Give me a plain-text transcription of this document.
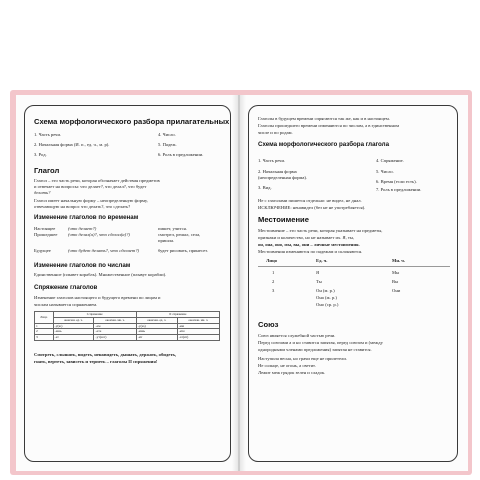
Схема морфологического разбора прилагательных
1. Часть речи.
2. Начальная форма (И. п., ед. ч., м. р).
3. Род.
4. Число.
5. Падеж.
6. Роль в предложении.
Глагол
Глагол – это часть речи, которая обозначает действия предметов
и отвечает на вопросы: что делает?, что делал?, что будет
делать?
Глагол имеет начальную форму – неопределенную форму,
отвечающую на вопрос что делать?, что сделать?
Изменение глаголов по временам
Настоящее	(что делает?)	пишет, учится.
Прошедшее (что делал(а)?, что сделал(а)?)	смотрел, решал, села,
пришла.
Будущее	(что будет делать?, что сделает?)	будет рисовать, принесет.
Изменение глаголов по числам
Единственное (плывет корабль). Множественное (плывут корабли).
Спряжение глаголов
Изменение глаголов настоящего и будущего времени по лицам и
числам называется спряжением.
Лицо	I спряжение		II спряжение	
	окончан. ед. ч.	окончан. мн. ч.	окончан. ед. ч.	окончан. мн. ч.
1	-у(ю)	-ем	-у(ю)	-им
2	-ешь	-ете	-ишь	-ите
3	-ет	-ут(ют)	-ит	-ат(ят)
Смотреть, слышать, видеть, ненавидеть, дышать, держать, обидеть,
гнать, вертеть, зависеть и терпеть – глаголы II спряжения!
Глаголы в будущем времени спрягаются так же, как и в настоящем.
Глаголы прошедшего времени изменяются по числам, а в единственном
числе и по родам.
Схема морфологического разбора глагола
1. Часть речи.
2. Начальная форма
(неопределенная форма).
3. Вид.
4. Спряжение.
5. Число.
6. Время (если есть).
7. Роль в предложении.
Не с глаголами пишется отдельно: не видел, не днал.
ИСКЛЮЧЕНИЕ: ненавидел (без не не употребляется).
Местоимение
Местоимение – это часть речи, которая указывает на предметы,
признаки и количество, но не называет их. Я, ты,
он, она, оно, мы, вы, они – личные местоимения.
Местоимения изменяются по падежам и склоняются.
Лицо	Ед. ч.	Мн. ч.
1	Я	Мы
2	Ты	Вы
3	Он (м. р.)	Они
Она (ж. р.)
Оно (ср. р.)
Союз
Союз является служебной частью речи.
Перед союзами а и но ставится запятая, перед союзом и (между
однородными членами предложения) запятая не ставится.
Наступила весна, но грачи еще не прилетели.
Не солнце, не огонь, а светит.
Лежит меж грядок зелен и сладок.
